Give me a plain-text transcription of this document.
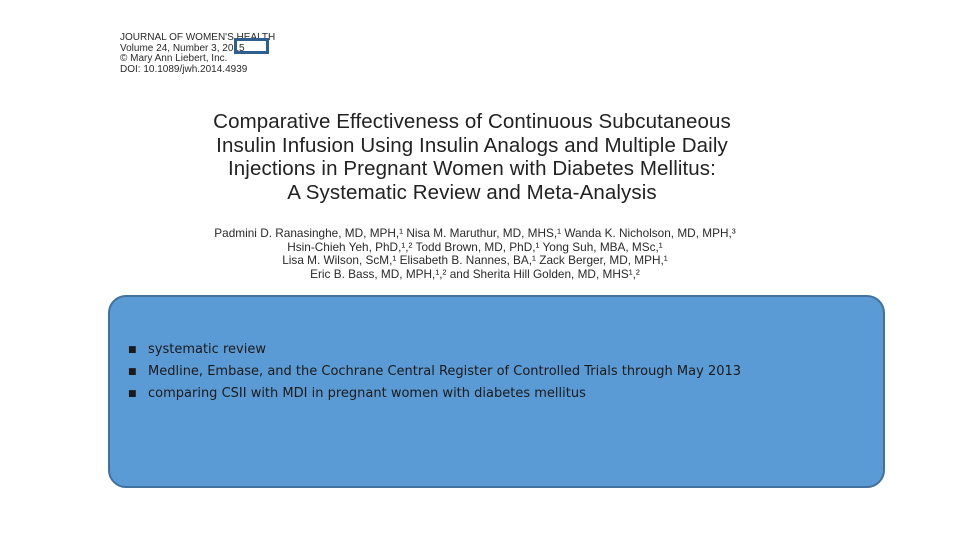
JOURNAL OF WOMEN'S HEALTH
Volume 24, Number 3, 2015
© Mary Ann Liebert, Inc.
DOI: 10.1089/jwh.2014.4939
Comparative Effectiveness of Continuous Subcutaneous
Insulin Infusion Using Insulin Analogs and Multiple Daily
Injections in Pregnant Women with Diabetes Mellitus:
A Systematic Review and Meta-Analysis
Padmini D. Ranasinghe, MD, MPH,¹ Nisa M. Maruthur, MD, MHS,¹ Wanda K. Nicholson, MD, MPH,³
Hsin-Chieh Yeh, PhD,¹,² Todd Brown, MD, PhD,¹ Yong Suh, MBA, MSc,¹
Lisa M. Wilson, ScM,¹ Elisabeth B. Nannes, BA,¹ Zack Berger, MD, MPH,¹
Eric B. Bass, MD, MPH,¹,² and Sherita Hill Golden, MD, MHS¹,²
■ systematic review
■ Medline, Embase, and the Cochrane Central Register of Controlled Trials through May 2013
■ comparing CSII with MDI in pregnant women with diabetes mellitus
